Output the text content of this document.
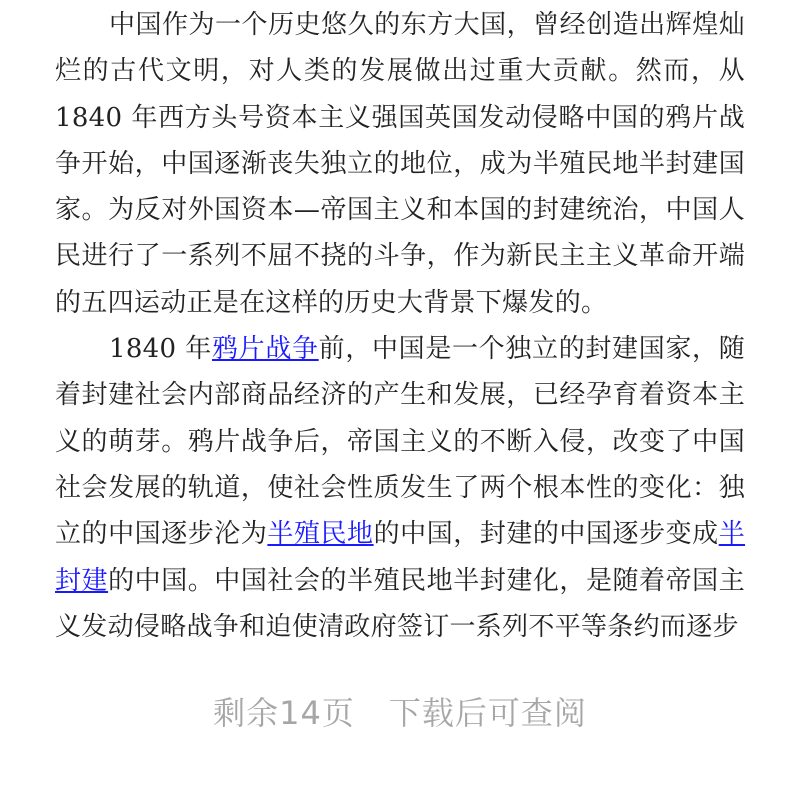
中国作为一个历史悠久的东方大国，曾经创造出辉煌灿烂的古代文明，对人类的发展做出过重大贡献。然而，从 1840 年西方头号资本主义强国英国发动侵略中国的鸦片战争开始，中国逐渐丧失独立的地位，成为半殖民地半封建国家。为反对外国资本—帝国主义和本国的封建统治，中国人民进行了一系列不屈不挠的斗争，作为新民主主义革命开端的五四运动正是在这样的历史大背景下爆发的。

1840 年鸦片战争前，中国是一个独立的封建国家，随着封建社会内部商品经济的产生和发展，已经孕育着资本主义的萌芽。鸦片战争后，帝国主义的不断入侵，改变了中国社会发展的轨道，使社会性质发生了两个根本性的变化：独立的中国逐步沦为半殖民地的中国，封建的中国逐步变成半封建的中国。中国社会的半殖民地半封建化，是随着帝国主义发动侵略战争和迫使清政府签订一系列不平等条约而逐步

剩余14页 下载后可查阅
